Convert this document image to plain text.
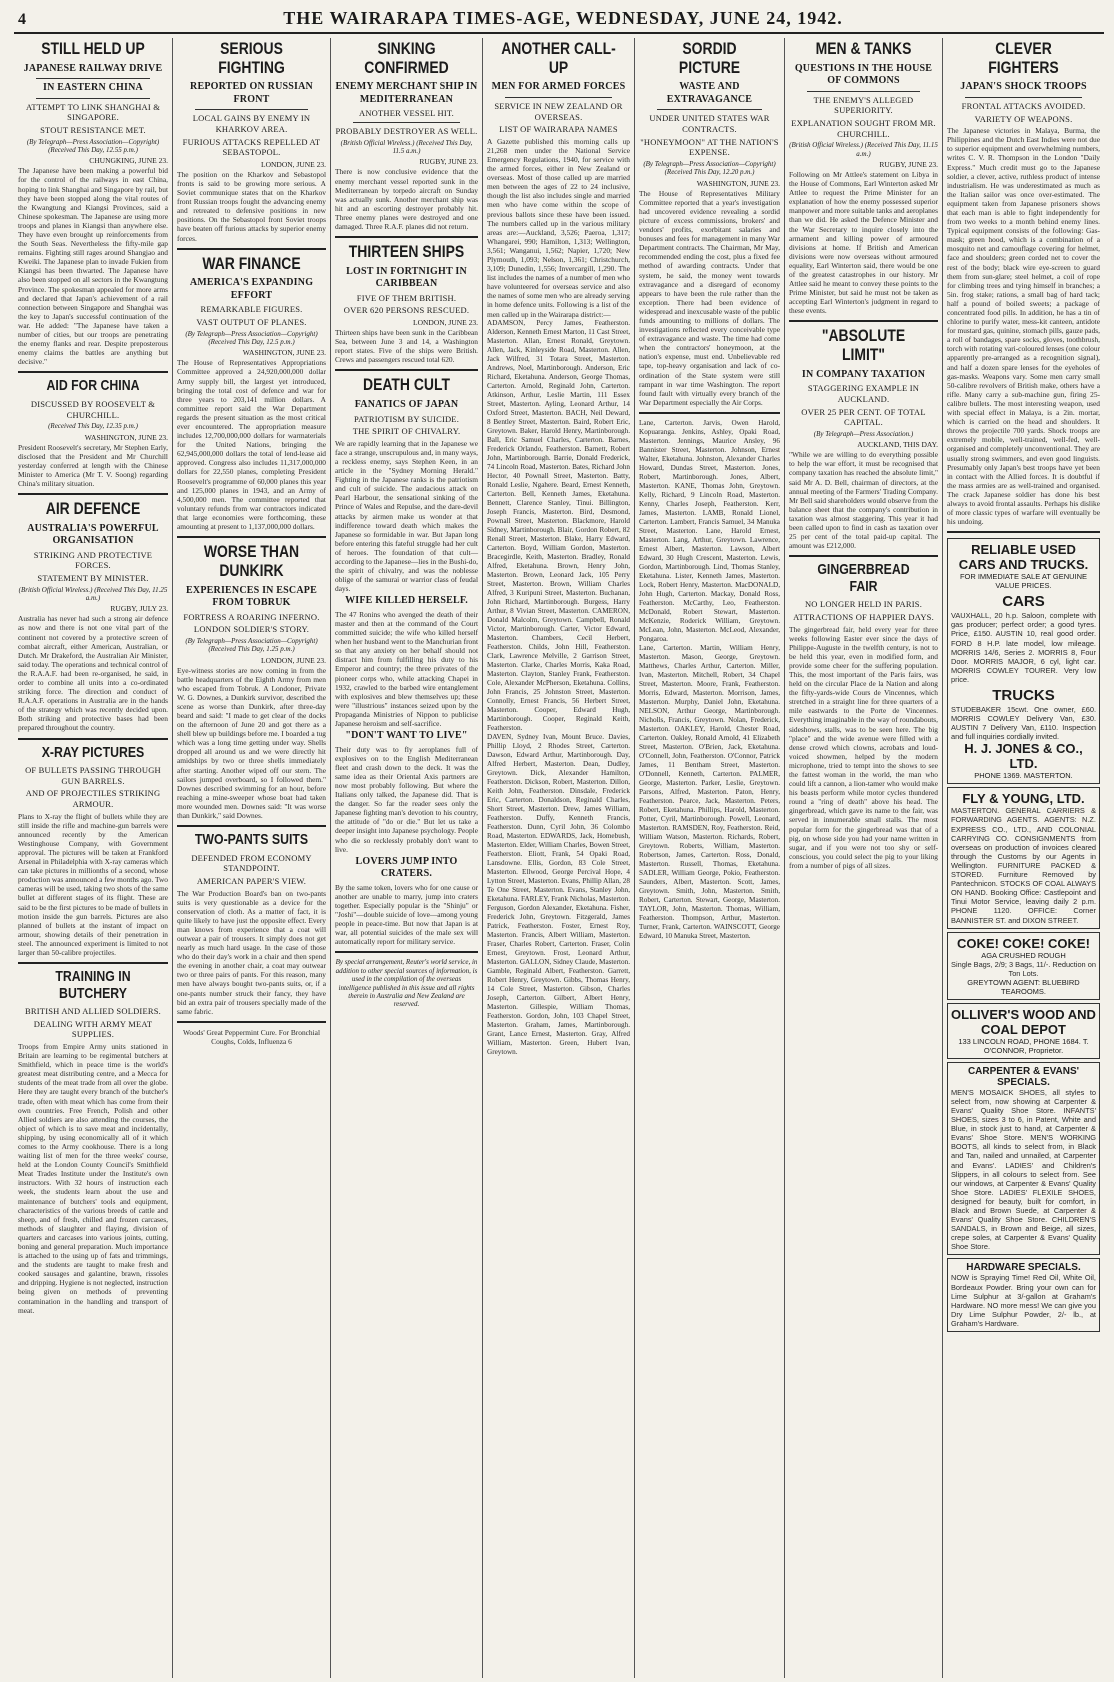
4	THE WAIRARAPA TIMES-AGE, WEDNESDAY, JUNE 24, 1942.
STILL HELD UP
JAPANESE RAILWAY DRIVE
IN EASTERN CHINA
ATTEMPT TO LINK SHANGHAI & SINGAPORE.
STOUT RESISTANCE MET.
(By Telegraph—Press Association—Copyright) (Received This Day, 12.55 p.m.)
CHUNGKING, JUNE 23.
The Japanese have been making a powerful bid for the control of the railways in east China, hoping to link Shanghai and Singapore by rail, but they have been stopped along the vital routes of the Kwangtung and Kiangsi Provinces, said a Chinese spokesman. The Japanese are using more troops and planes in Kiangsi than anywhere else. They have even brought up reinforcements from the South Seas. Nevertheless the fifty-mile gap remains. Fighting still rages around Shangjao and Kweiki. The Japanese plan to invade Fukien from Kiangsi has been thwarted. The Japanese have also been stopped on all sectors in the Kwangtung Province. The spokesman appealed for more arms and declared that Japan's achievement of a rail connection between Singapore and Shanghai was the key to Japan's successful continuation of the war. He added: "The Japanese have taken a number of cities, but our troops are penetrating the enemy flanks and rear. Despite preposterous enemy claims the battles are anything but decisive."
AID FOR CHINA
DISCUSSED BY ROOSEVELT & CHURCHILL.
(Received This Day, 12.35 p.m.)
WASHINGTON, JUNE 23.
President Roosevelt's secretary, Mr Stephen Early, disclosed that the President and Mr Churchill yesterday conferred at length with the Chinese Minister to America (Mr T. V. Soong) regarding China's military situation.
AIR DEFENCE
AUSTRALIA'S POWERFUL ORGANISATION
STRIKING AND PROTECTIVE FORCES.
STATEMENT BY MINISTER.
(British Official Wireless.) (Received This Day, 11.25 a.m.)
RUGBY, JULY 23.
Australia has never had such a strong air defence as now and there is not one vital part of the continent not covered by a protective screen of combat aircraft, either American, Australian, or Dutch. Mr Drakeford, the Australian Air Minister, said today. The operations and technical control of the R.A.A.F. had been re-organised, he said, in order to combine all units into a co-ordinated striking force. The direction and conduct of R.A.A.F. operations in Australia are in the hands of the strategy which was recently decided upon. Both striking and protective bases had been prepared throughout the country.
X-RAY PICTURES
OF BULLETS PASSING THROUGH GUN BARRELS.
AND OF PROJECTILES STRIKING ARMOUR.
Plans to X-ray the flight of bullets while they are still inside the rifle and machine-gun barrels were announced recently by the American Westinghouse Company, with Government approval. The pictures will be taken at Frankford Arsenal in Philadelphia with X-ray cameras which can take pictures in millionths of a second, whose production was announced a few months ago. Two cameras will be used, taking two shots of the same bullet at different stages of its flight. These are said to be the first pictures to be made of bullets in motion inside the gun barrels. Pictures are also planned of bullets at the instant of impact on armour, showing details of their penetration in steel. The announced experiment is limited to not larger than 50-calibre projectiles.
TRAINING IN BUTCHERY
BRITISH AND ALLIED SOLDIERS.
DEALING WITH ARMY MEAT SUPPLIES.
Troops from Empire Army units stationed in Britain are learning to be regimental butchers at Smithfield, which in peace time is the world's greatest meat distributing centre, and a Mecca for students of the meat trade from all over the globe. Here they are taught every branch of the butcher's trade, often with meat which has come from their own countries. Free French, Polish and other Allied soldiers are also attending the courses, the object of which is to save meat and incidentally, shipping, by using economically all of it which comes to the Army cookhouse. There is a long waiting list of men for the three weeks' course, held at the London County Council's Smithfield Meat Trades Institute under the Institute's own instructors. With 32 hours of instruction each week, the students learn about the use and maintenance of butchers' tools and equipment, characteristics of the various breeds of cattle and sheep, and of fresh, chilled and frozen carcases, methods of slaughter and flaying, division of quarters and carcases into various joints, cutting, boning and general preparation. Much importance is attached to the using up of fats and trimmings, and the students are taught to make fresh and cooked sausages and galantine, brawn, rissoles and dripping. Hygiene is not neglected, instruction being given on methods of preventing contamination in the handling and transport of meat.
SERIOUS FIGHTING
REPORTED ON RUSSIAN FRONT
LOCAL GAINS BY ENEMY IN KHARKOV AREA.
FURIOUS ATTACKS REPELLED AT SEBASTOPOL.
LONDON, JUNE 23.
The position on the Kharkov and Sebastopol fronts is said to be growing more serious. A Soviet communique states that on the Kharkov front Russian troops fought the advancing enemy and retreated to defensive positions in new positions. On the Sebastopol front Soviet troops have beaten off furious attacks by superior enemy forces.
WAR FINANCE
AMERICA'S EXPANDING EFFORT
REMARKABLE FIGURES.
VAST OUTPUT OF PLANES.
(By Telegraph—Press Association—Copyright) (Received This Day, 12.5 p.m.)
WASHINGTON, JUNE 23.
The House of Representatives Appropriations Committee approved a 24,920,000,000 dollar Army supply bill, the largest yet introduced, bringing the total cost of defence and war for three years to 203,141 million dollars. A committee report said the War Department regards the present situation as the most critical ever encountered. The appropriation measure includes 12,700,000,000 dollars for warmaterials for the United Nations, bringing the 62,945,000,000 dollars the total of lend-lease aid approved. Congress also includes 11,317,000,000 dollars for 22,550 planes, completing President Roosevelt's programme of 60,000 planes this year and 125,000 planes in 1943, and an Army of 4,500,000 men. The committee reported that voluntary refunds from war contractors indicated that large economies were forthcoming, these amounting at present to 1,137,000,000 dollars.
WORSE THAN DUNKIRK
EXPERIENCES IN ESCAPE FROM TOBRUK
FORTRESS A ROARING INFERNO.
LONDON SOLDIER'S STORY.
(By Telegraph—Press Association—Copyright) (Received This Day, 1.25 p.m.)
LONDON, JUNE 23.
Eye-witness stories are now coming in from the battle headquarters of the Eighth Army from men who escaped from Tobruk. A Londoner, Private W. G. Downes, a Dunkirk survivor, described the scene as worse than Dunkirk, after three-day beard and said: "I made to get clear of the docks on the afternoon of June 20 and got there as a shell blew up buildings before me. I boarded a tug which was a long time getting under way. Shells dropped all around us and we were directly hit amidships by two or three shells immediately after starting. Another wiped off our stern. The sailors jumped overboard, so I followed them." Downes described swimming for an hour, before reaching a mine-sweeper whose boat had taken more wounded men. Downes said: "It was worse than Dunkirk," said Downes.
TWO-PANTS SUITS
DEFENDED FROM ECONOMY STANDPOINT.
AMERICAN PAPER'S VIEW.
The War Production Board's ban on two-pants suits is very questionable as a device for the conservation of cloth. As a matter of fact, it is quite likely to have just the opposite effect. Every man knows from experience that a coat will outwear a pair of trousers. It simply does not get nearly as much hard usage. In the case of those who do their day's work in a chair and then spend the evening in another chair, a coat may outwear two or three pairs of pants. For this reason, many men have always bought two-pants suits, or, if a one-pants number struck their fancy, they have bid an extra pair of trousers specially made of the same fabric.
Woods' Great Peppermint Cure. For Bronchial Coughs, Colds, Influenza 6
SINKING CONFIRMED
ENEMY MERCHANT SHIP IN MEDITERRANEAN
ANOTHER VESSEL HIT.
PROBABLY DESTROYER AS WELL.
(British Official Wireless.) (Received This Day, 11.5 a.m.)
RUGBY, JUNE 23.
There is now conclusive evidence that the enemy merchant vessel reported sunk in the Mediterranean by torpedo aircraft on Sunday was actually sunk. Another merchant ship was hit and an escorting destroyer probably hit. Three enemy planes were destroyed and one damaged. Three R.A.F. planes did not return.
THIRTEEN SHIPS
LOST IN FORTNIGHT IN CARIBBEAN
FIVE OF THEM BRITISH.
OVER 620 PERSONS RESCUED.
LONDON, JUNE 23.
Thirteen ships have been sunk in the Caribbean Sea, between June 3 and 14, a Washington report states. Five of the ships were British. Crews and passengers rescued total 620.
DEATH CULT
FANATICS OF JAPAN
PATRIOTISM BY SUICIDE.
THE SPIRIT OF CHIVALRY.
We are rapidly learning that in the Japanese we face a strange, unscrupulous and, in many ways, a reckless enemy, says Stephen Keen, in an article in the "Sydney Morning Herald." Fighting in the Japanese ranks is the patriotism and cult of suicide. The audacious attack on Pearl Harbour, the sensational sinking of the Prince of Wales and Repulse, and the dare-devil attacks by airmen make us wonder at that indifference toward death which makes the Japanese so formidable in war. But Japan long before entering this fateful struggle had her cult of heroes. The foundation of that cult—according to the Japanese—lies in the Bushi-do, the spirit of chivalry, and was the noblesse oblige of the samurai or warrior class of feudal days.
WIFE KILLED HERSELF.
The 47 Ronins who avenged the death of their master and then at the command of the Court committed suicide; the wife who killed herself when her husband went to the Manchurian front so that any anxiety on her behalf should not distract him from fulfilling his duty to his Emperor and country; the three privates of the pioneer corps who, while attacking Chapei in 1932, crawled to the barbed wire entanglement with explosives and blew themselves up; these were "illustrious" instances seized upon by the Propaganda Ministries of Nippon to publicise Japanese heroism and self-sacrifice.
"DON'T WANT TO LIVE"
Their duty was to fly aeroplanes full of explosives on to the English Mediterranean fleet and crash down to the deck. It was the same idea as their Oriental Axis partners are now most probably following. But where the Italians only talked, the Japanese did. That is the danger. So far the reader sees only the Japanese fighting man's devotion to his country, the attitude of "do or die." But let us take a deeper insight into Japanese psychology. People who die so recklessly probably don't want to live.
LOVERS JUMP INTO CRATERS.
By the same token, lovers who for one cause or another are unable to marry, jump into craters together. Especially popular is the "Shinju" or "Joshi"—double suicide of love—among young people in peace-time. But now that Japan is at war, all potential suicides of the male sex will automatically report for military service.
By special arrangement, Reuter's world service, in addition to other special sources of information, is used in the compilation of the overseas intelligence published in this issue and all rights therein in Australia and New Zealand are reserved.
ANOTHER CALL-UP
MEN FOR ARMED FORCES
SERVICE IN NEW ZEALAND OR OVERSEAS.
LIST OF WAIRARAPA NAMES
A Gazette published this morning calls up 21,268 men under the National Service Emergency Regulations, 1940, for service with the armed forces, either in New Zealand or overseas. Most of those called up are married men between the ages of 22 to 24 inclusive, though the list also includes single and married men who have come within the scope of previous ballots since these have been issued. The numbers called up in the various military areas are:—Auckland, 3,526; Paeroa, 1,317; Whangarei, 990; Hamilton, 1,313; Wellington, 3,561; Wanganui, 1,562; Napier, 1,720; New Plymouth, 1,093; Nelson, 1,361; Christchurch, 3,109; Dunedin, 1,556; Invercargill, 1,290. The list includes the names of a number of men who have volunteered for overseas service and also the names of some men who are already serving in home defence units. Following is a list of the men called up in the Wairarapa district:—
ADAMSON, Percy James, Featherston. Alderson, Kenneth Ernest Marton, 11 Cast Street, Masterton. Allan, Ernest Ronald, Greytown. Allen, Jack, Kinleyside Road, Masterton. Allen, Jack Wilfred, 31 Totara Street, Masterton. Andrews, Noel, Martinborough. Anderson, Eric Richard, Eketahuna. Anderson, George Thomas, Carterton. Arnold, Reginald John, Carterton. Atkinson, Arthur, Leslie Martin, 111 Essex Street, Masterton. Ayling, Leonard Arthur, 14 Oxford Street, Masterton. BACH, Neil Deward, 8 Bentley Street, Masterton. Baird, Robert Eric, Greytown. Baker, Harold Henry, Martinborough. Ball, Eric Samuel Charles, Carterton. Barnes, Frederick Orlando, Featherston. Barnett, Robert John, Martinborough. Barrie, Donald Frederick, 74 Lincoln Road, Masterton. Bates, Richard John Hector, 40 Pownall Street, Masterton. Batty, Ronald Leslie, Ngahere. Beard, Ernest Kenneth, Carterton. Bell, Kenneth James, Eketahuna. Bennett, Clarence Stanley, Tinui. Billington, Joseph Francis, Masterton. Bird, Desmond, Pownall Street, Masterton. Blackmore, Harold Sidney, Martinborough. Blair, Gordon Robert, 82 Renall Street, Masterton. Blake, Harry Edward, Carterton. Boyd, William Gordon, Masterton. Bracegirdle, Keith, Masterton. Bradley, Ronald Alfred, Eketahuna. Brown, Henry John, Masterton. Brown, Leonard Jack, 105 Perry Street, Masterton. Brown, William Charles Alfred, 3 Kuripuni Street, Masterton. Buchanan, John Richard, Martinborough. Burgess, Harry Arthur, 8 Vivian Street, Masterton. CAMERON, Donald Malcolm, Greytown. Campbell, Ronald Victor, Martinborough. Carter, Victor Edward, Masterton. Chambers, Cecil Herbert, Featherston. Childs, John Hill, Featherston. Clark, Lawrence Melville, 2 Garrison Street, Masterton. Clarke, Charles Morris, Kaka Road, Masterton. Clayton, Stanley Frank, Featherston. Cole, Alexander McPherson, Eketahuna. Collins, John Francis, 25 Johnston Street, Masterton. Connolly, Ernest Francis, 56 Herbert Street, Masterton. Cooper, Edward Hugh, Martinborough. Cooper, Reginald Keith, Featherston.
DAVEN, Sydney Ivan, Mount Bruce. Davies, Phillip Lloyd, 2 Rhodes Street, Carterton. Dawson, Edward Arthur, Martinborough. Day, Alfred Herbert, Masterton. Dean, Dudley, Greytown. Dick, Alexander Hamilton, Featherston. Dickson, Robert, Masterton. Dillon, Keith John, Featherston. Dinsdale, Frederick Eric, Carterton. Donaldson, Reginald Charles, Short Street, Masterton. Drew, James William, Featherston. Duffy, Kenneth Francis, Featherston. Dunn, Cyril John, 36 Colombo Road, Masterton. EDWARDS, Jack, Homebush, Masterton. Elder, William Charles, Bowen Street, Featherston. Eliott, Frank, 54 Opaki Road, Lansdowne. Ellis, Gordon, 83 Cole Street, Masterton. Ellwood, George Percival Hope, 4 Lytton Street, Masterton. Evans, Phillip Allan, 28 Te One Street, Masterton. Evans, Stanley John, Eketahuna. FARLEY, Frank Nicholas, Masterton. Ferguson, Gordon Alexander, Eketahuna. Fisher, Frederick John, Greytown. Fitzgerald, James Patrick, Featherston. Foster, Ernest Roy, Masterton. Francis, Albert William, Masterton. Fraser, Charles Robert, Carterton. Fraser, Colin Ernest, Greytown. Frost, Leonard Arthur, Masterton. GALLON, Sidney Claude, Masterton. Gamble, Reginald Albert, Featherston. Garrett, Robert Henry, Greytown. Gibbs, Thomas Henry, 14 Cole Street, Masterton. Gibson, Charles Joseph, Carterton. Gilbert, Albert Henry, Masterton. Gillespie, William Thomas, Featherston. Gordon, John, 103 Chapel Street, Masterton. Graham, James, Martinborough. Grant, Lance Ernest, Masterton. Gray, Alfred William, Masterton. Green, Hubert Ivan, Greytown.
SORDID PICTURE
WASTE AND EXTRAVAGANCE
UNDER UNITED STATES WAR CONTRACTS.
"HONEYMOON" AT THE NATION'S EXPENSE.
(By Telegraph—Press Association—Copyright) (Received This Day, 12.20 p.m.)
WASHINGTON, JUNE 23.
The House of Representatives Military Committee reported that a year's investigation had uncovered evidence revealing a sordid picture of excess commissions, brokers' and vendors' profits, exorbitant salaries and bonuses and fees for management in many War Department contracts. The Chairman, Mr May, recommended ending the cost, plus a fixed fee method of awarding contracts. Under that system, he said, the money went towards extravagance and a disregard of economy appears to have been the rule rather than the exception. There had been evidence of widespread and inexcusable waste of the public funds amounting to millions of dollars. The investigations reflected every conceivable type of extravagance and waste. The time had come when the contractors' honeymoon, at the nation's expense, must end. Unbelievable red tape, top-heavy organisation and lack of co-ordination of the State system were still rampant in war time Washington. The report found fault with virtually every branch of the War Department especially the Air Corps.
Lane, Carterton. Jarvis, Owen Harold, Kopuaranga. Jenkins, Ashley, Opaki Road, Masterton. Jennings, Maurice Ansley, 96 Bannister Street, Masterton. Johnson, Ernest Walter, Eketahuna. Johnston, Alexander Charles Howard, Dundas Street, Masterton. Jones, Robert, Martinborough. Jones, Albert, Masterton. KANE, Thomas John, Greytown. Kelly, Richard, 9 Lincoln Road, Masterton. Kenny, Charles Joseph, Featherston. Kerr, James, Masterton. LAMB, Ronald Lionel, Carterton. Lambert, Francis Samuel, 34 Manuka Street, Masterton. Lane, Harold Ernest, Masterton. Lang, Arthur, Greytown. Lawrence, Ernest Albert, Masterton. Lawson, Albert Edward, 30 Hugh Crescent, Masterton. Lewis, Gordon, Martinborough. Lind, Thomas Stanley, Eketahuna. Lister, Kenneth James, Masterton. Lock, Robert Henry, Masterton. MacDONALD, John Hugh, Carterton. Mackay, Donald Ross, Featherston. McCarthy, Leo, Featherston. McDonald, Robert Stewart, Masterton. McKenzie, Roderick William, Greytown. McLean, John, Masterton. McLeod, Alexander, Pongaroa.
Lane, Carterton. Martin, William Henry, Masterton. Mason, George, Greytown. Matthews, Charles Arthur, Carterton. Miller, Ivan, Masterton. Mitchell, Robert, 34 Chapel Street, Masterton. Moore, Frank, Featherston. Morris, Edward, Masterton. Morrison, James, Masterton. Murphy, Daniel John, Eketahuna. NELSON, Arthur George, Martinborough. Nicholls, Francis, Greytown. Nolan, Frederick, Masterton. OAKLEY, Harold, Chester Road, Carterton. Oakley, Ronald Arnold, 41 Elizabeth Street, Masterton. O'Brien, Jack, Eketahuna. O'Connell, John, Featherston. O'Connor, Patrick James, 11 Bentham Street, Masterton. O'Donnell, Kenneth, Carterton. PALMER, George, Masterton. Parker, Leslie, Greytown. Parsons, Alfred, Masterton. Paton, Henry, Featherston. Pearce, Jack, Masterton. Peters, Robert, Eketahuna. Phillips, Harold, Masterton. Potter, Cyril, Martinborough. Powell, Leonard, Masterton. RAMSDEN, Roy, Featherston. Reid, William Watson, Masterton. Richards, Robert, Greytown. Roberts, William, Masterton. Robertson, James, Carterton. Ross, Donald, Masterton. Russell, Thomas, Eketahuna. SADLER, William George, Pokio, Featherston. Saunders, Albert, Masterton. Scott, James, Greytown. Smith, John, Masterton. Smith, Robert, Carterton. Stewart, George, Masterton. TAYLOR, John, Masterton. Thomas, William, Featherston. Thompson, Arthur, Masterton. Turner, Frank, Carterton. WAINSCOTT, George Edward, 10 Manuka Street, Masterton.
MEN & TANKS
QUESTIONS IN THE HOUSE OF COMMONS
THE ENEMY'S ALLEGED SUPERIORITY.
EXPLANATION SOUGHT FROM MR. CHURCHILL.
(British Official Wireless.) (Received This Day, 11.15 a.m.)
RUGBY, JUNE 23.
Following on Mr Attlee's statement on Libya in the House of Commons, Earl Winterton asked Mr Attlee to request the Prime Minister for an explanation of how the enemy possessed superior manpower and more suitable tanks and aeroplanes than we did. He asked the Defence Minister and the War Secretary to inquire closely into the armament and killing power of armoured divisions at home. If British and American divisions were now overseas without armoured equality, Earl Winterton said, there would be one of the greatest catastrophes in our history. Mr Attlee said he meant to convey these points to the Prime Minister, but said he must not be taken as accepting Earl Winterton's judgment in regard to these events.
"ABSOLUTE LIMIT"
IN COMPANY TAXATION
STAGGERING EXAMPLE IN AUCKLAND.
OVER 25 PER CENT. OF TOTAL CAPITAL.
(By Telegraph—Press Association.)
AUCKLAND, THIS DAY.
"While we are willing to do everything possible to help the war effort, it must be recognised that company taxation has reached the absolute limit," said Mr A. D. Bell, chairman of directors, at the annual meeting of the Farmers' Trading Company. Mr Bell said shareholders would observe from the balance sheet that the company's contribution in taxation was almost staggering. This year it had been called upon to find in cash as taxation over 25 per cent of the total paid-up capital. The amount was £212,000.
GINGERBREAD FAIR
NO LONGER HELD IN PARIS.
ATTRACTIONS OF HAPPIER DAYS.
The gingerbread fair, held every year for three weeks following Easter ever since the days of Philippe-Auguste in the twelfth century, is not to be held this year, even in modified form, and provide some cheer for the suffering population. This, the most important of the Paris fairs, was held on the circular Place de la Nation and along the fifty-yards-wide Cours de Vincennes, which stretched in a straight line for three quarters of a mile eastwards to the Porte de Vincennes. Everything imaginable in the way of roundabouts, sideshows, stalls, was to be seen here. The big "place" and the wide avenue were filled with a dense crowd which clowns, acrobats and loud-voiced showmen, helped by the modern microphone, tried to tempt into the shows to see the fattest woman in the world, the man who could lift a cannon, a lion-tamer who would make his beasts perform while motor cycles thundered round a "ring of death" above his head. The gingerbread, which gave its name to the fair, was served in innumerable small stalls. The most popular form for the gingerbread was that of a pig, on whose side you had your name written in sugar, and if you were not too shy or self-conscious, you could select the pig to your liking from a number of pigs of all sizes.
CLEVER FIGHTERS
JAPAN'S SHOCK TROOPS
FRONTAL ATTACKS AVOIDED.
VARIETY OF WEAPONS.
The Japanese victories in Malaya, Burma, the Philippines and the Dutch East Indies were not due to superior equipment and overwhelming numbers, writes C. V. R. Thompson in the London "Daily Express." Much credit must go to the Japanese soldier, a clever, active, ruthless product of intense industrialism. He was underestimated as much as the Italian sailor was once over-estimated. The equipment taken from Japanese prisoners shows that each man is able to fight independently for from two weeks to a month behind enemy lines. Typical equipment consists of the following: Gas-mask; green hood, which is a combination of a mosquito net and camouflage covering for helmet, face and shoulders; green corded net to cover the rest of the body; black wire eye-screen to guard them from sun-glare; steel helmet, a coil of rope for climbing trees and tying himself in branches; a 5in. frog stake; rations, a small bag of hard tack; half a pound of boiled sweets; a package of concentrated food pills. In addition, he has a tin of chlorine to purify water, mess-kit canteen, antidote for mustard gas, quinine, stomach pills, gauze pads, a roll of bandages, spare socks, gloves, toothbrush, torch with rotating vari-coloured lenses (one colour apparently pre-arranged as a recognition signal), and half a dozen spare lenses for the eyeholes of gas-masks. Weapons vary. Some men carry small 50-calibre revolvers of British make, others have a rifle. Many carry a sub-machine gun, firing 25-calibre bullets. The most interesting weapon, used with special effect in Malaya, is a 2in. mortar, which is carried on the head and shoulders. It throws the projectile 700 yards. Shock troops are extremely mobile, well-trained, well-fed, well-organised and completely unconventional. They are usually strong swimmers, and even good linguists. Presumably only Japan's best troops have yet been in contact with the Allied forces. It is doubtful if the mass armies are as well-trained and organised. The crack Japanese soldier has done his best always to avoid frontal assaults. Perhaps his dislike of more classic types of warfare will eventually be his undoing.
RELIABLE USED CARS AND TRUCKS.
FOR IMMEDIATE SALE AT GENUINE VALUE PRICES.
CARS
VAUXHALL, 20 h.p. Saloon, complete with gas producer; perfect order; a good tyres. Price, £150. AUSTIN 10, real good order. FORD 8 H.P. late model, low mileage. MORRIS 14/6, Series 2. MORRIS 8, Four Door. MORRIS MAJOR, 6 cyl, light car. MORRIS COWLEY TOURER. Very low price.
TRUCKS
STUDEBAKER 15cwt. One owner, £60. MORRIS COWLEY Delivery Van, £30. AUSTIN 7 Delivery Van, £110. Inspection and full inquiries cordially invited.
H. J. JONES & CO., LTD.
PHONE 1369. MASTERTON.
FLY & YOUNG, LTD.
MASTERTON. GENERAL CARRIERS & FORWARDING AGENTS. AGENTS: N.Z. EXPRESS CO., LTD., AND COLONIAL CARRYING CO. CONSIGNMENTS from overseas on production of invoices cleared through the Customs by our Agents in Wellington. FURNITURE PACKED & STORED. Furniture Removed by Pantechnicon. STOCKS OF COAL ALWAYS ON HAND. Booking Office: Castlepoint and Tinui Motor Service, leaving daily 2 p.m. PHONE 1120. OFFICE: Corner BANNISTER ST. and DIXON STREET.
COKE! COKE! COKE!
AGA CRUSHED ROUGH
Single Bags, 2/9; 3 Bags, 11/-. Reduction on Ton Lots.
GREYTOWN AGENT: BLUEBIRD TEAROOMS.
OLLIVER'S WOOD AND COAL DEPOT
133 LINCOLN ROAD, PHONE 1684. T. O'CONNOR, Proprietor.
CARPENTER & EVANS' SPECIALS.
MEN'S MOSAICK SHOES, all styles to select from, now showing at Carpenter & Evans' Quality Shoe Store. INFANTS' SHOES, sizes 3 to 6, in Patent, White and Blue, in stock just to hand, at Carpenter & Evans' Shoe Store. MEN'S WORKING BOOTS, all kinds to select from, in Black and Tan, nailed and unnailed, at Carpenter and Evans'. LADIES' and Children's Slippers, in all colours to select from. See our windows, at Carpenter & Evans' Quality Shoe Store. LADIES' FLEXILE SHOES, designed for beauty, built for comfort, in Black and Brown Suede, at Carpenter & Evans' Quality Shoe Store. CHILDREN'S SANDALS, in Brown and Beige, all sizes, crepe soles, at Carpenter & Evans' Quality Shoe Store.
HARDWARE SPECIALS.
NOW is Spraying Time! Red Oil, White Oil, Bordeaux Powder. Bring your own can for Lime Sulphur at 3/-gallon at Graham's Hardware. NO more mess! We can give you Dry Lime Sulphur Powder, 2/- lb., at Graham's Hardware.
